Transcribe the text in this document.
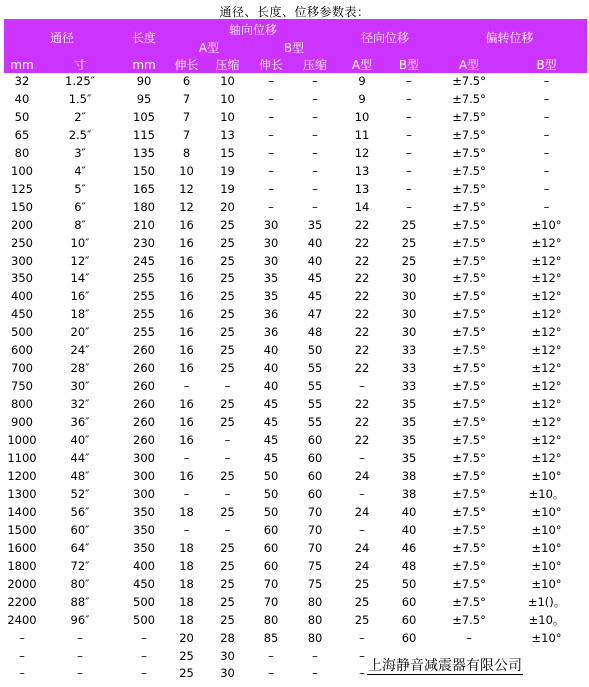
通径、长度、位移参数表：
通径		长度	轴向位移				径向位移		偏转位移	
			A型		B型					
mm	寸	mm	伸长	压缩	伸长	压缩	A型	B型	A型	B型
32	1.25″	90	6	10	–	–	9	–	±7.5°	–
40	1.5″	95	7	10	–	–	9	–	±7.5°	–
50	2″	105	7	10	–	–	10	–	±7.5°	–
65	2.5″	115	7	13	–	–	11	–	±7.5°	–
80	3″	135	8	15	–	–	12	–	±7.5°	–
100	4″	150	10	19	–	–	13	–	±7.5°	–
125	5″	165	12	19	–	–	13	–	±7.5°	–
150	6″	180	12	20	–	–	14	–	±7.5°	–
200	8″	210	16	25	30	35	22	25	±7.5°	±10°
250	10″	230	16	25	30	40	22	25	±7.5°	±12°
300	12″	245	16	25	30	40	22	25	±7.5°	±12°
350	14″	255	16	25	35	45	22	30	±7.5°	±12°
400	16″	255	16	25	35	45	22	30	±7.5°	±12°
450	18″	255	16	25	36	47	22	30	±7.5°	±12°
500	20″	255	16	25	36	48	22	30	±7.5°	±12°
600	24″	260	16	25	40	50	22	33	±7.5°	±12°
700	28″	260	16	25	40	55	22	33	±7.5°	±12°
750	30″	260	–	–	40	55	–	33	±7.5°	±12°
800	32″	260	16	25	45	55	22	35	±7.5°	±12°
900	36″	260	16	25	45	55	22	35	±7.5°	±12°
1000	40″	260	16	–	45	60	22	35	±7.5°	±12°
1100	44″	300	–	–	45	60	–	35	±7.5°	±12°
1200	48″	300	16	25	50	60	24	38	±7.5°	±10°
1300	52″	300	–	–	50	60	–	38	±7.5°	±10。
1400	56″	350	18	25	50	70	24	40	±7.5°	±10°
1500	60″	350	–	–	60	70	–	40	±7.5°	±10°
1600	64″	350	18	25	60	70	24	46	±7.5°	±10°
1800	72″	400	18	25	60	75	24	48	±7.5°	±10°
2000	80″	450	18	25	70	75	25	50	±7.5°	±10°
2200	88″	500	18	25	70	80	25	60	±7.5°	±1()。
2400	96″	500	18	25	80	80	25	60	±7.5°	±10。
–	–	–	20	28	85	80	–	60	–	±10°
–	–	–	25	30	–	–	–			
–	–	–	25	30	–	–	–			上海静音减震器有限公司
